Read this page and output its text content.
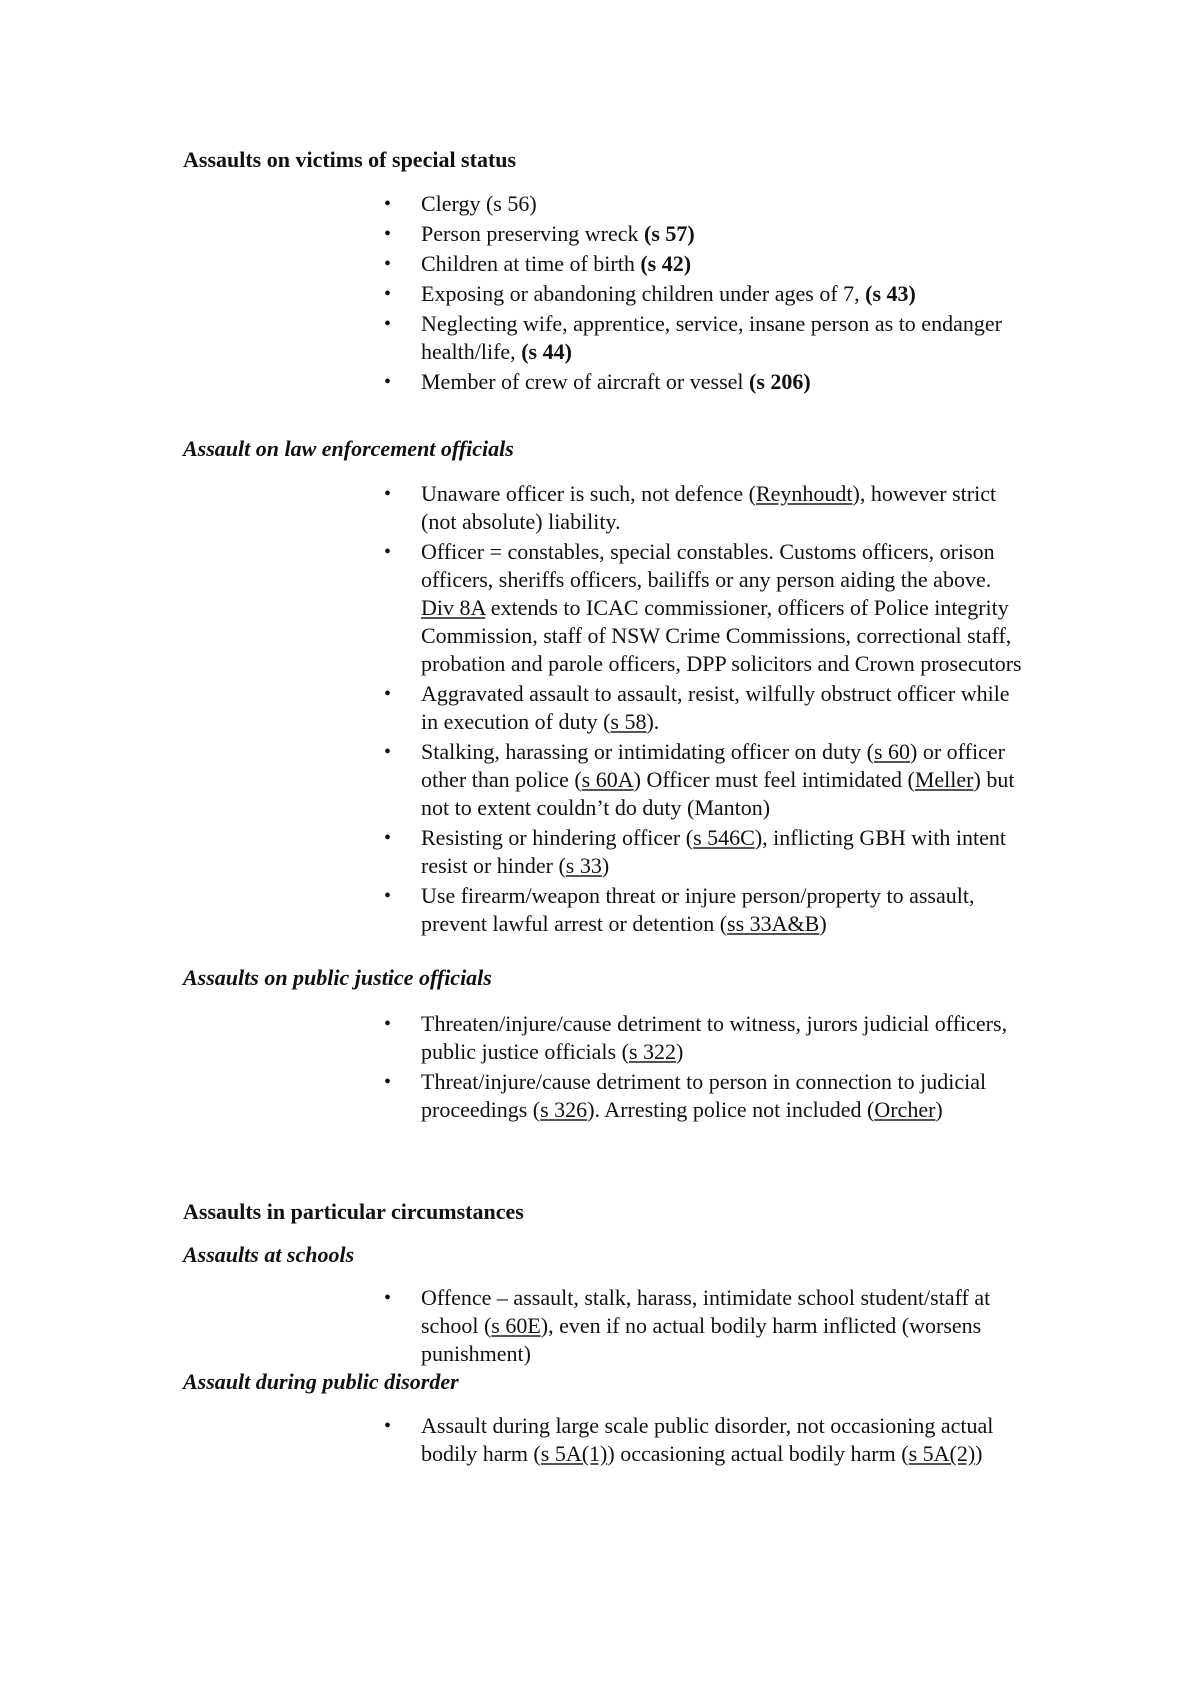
Assaults on victims of special status
• Clergy (s 56)
• Person preserving wreck (s 57)
• Children at time of birth (s 42)
• Exposing or abandoning children under ages of 7, (s 43)
• Neglecting wife, apprentice, service, insane person as to endanger health/life, (s 44)
• Member of crew of aircraft or vessel (s 206)
Assault on law enforcement officials
• Unaware officer is such, not defence (Reynhoudt), however strict (not absolute) liability.
• Officer = constables, special constables. Customs officers, orison officers, sheriffs officers, bailiffs or any person aiding the above. Div 8A extends to ICAC commissioner, officers of Police integrity Commission, staff of NSW Crime Commissions, correctional staff, probation and parole officers, DPP solicitors and Crown prosecutors
• Aggravated assault to assault, resist, wilfully obstruct officer while in execution of duty (s 58).
• Stalking, harassing or intimidating officer on duty (s 60) or officer other than police (s 60A) Officer must feel intimidated (Meller) but not to extent couldn’t do duty (Manton)
• Resisting or hindering officer (s 546C), inflicting GBH with intent resist or hinder (s 33)
• Use firearm/weapon threat or injure person/property to assault, prevent lawful arrest or detention (ss 33A&B)
Assaults on public justice officials
• Threaten/injure/cause detriment to witness, jurors judicial officers, public justice officials (s 322)
• Threat/injure/cause detriment to person in connection to judicial proceedings (s 326). Arresting police not included (Orcher)
Assaults in particular circumstances
Assaults at schools
• Offence – assault, stalk, harass, intimidate school student/staff at school (s 60E), even if no actual bodily harm inflicted (worsens punishment)
Assault during public disorder
• Assault during large scale public disorder, not occasioning actual bodily harm (s 5A(1)) occasioning actual bodily harm (s 5A(2))
